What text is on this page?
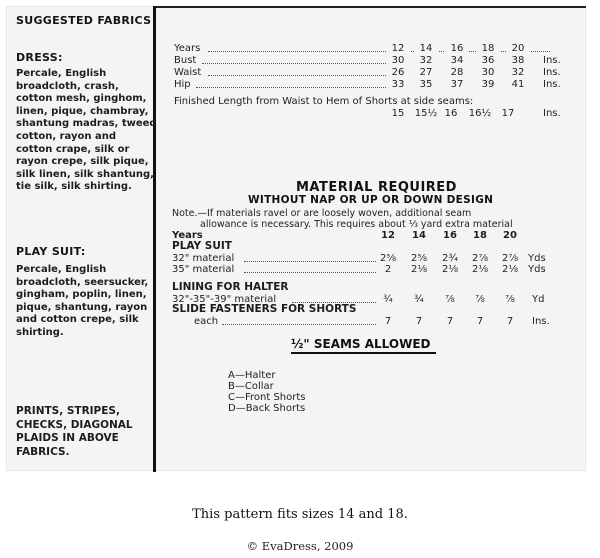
SUGGESTED FABRICS
DRESS:
Percale, English
broadcloth, crash,
cotton mesh, ginghom,
linen, pique, chambray,
shantung madras, tweed
cotton, rayon and
cotton crape, silk or
rayon crepe, silk pique,
silk linen, silk shantung,
tie silk, silk shirting.
PLAY SUIT:
Percale, English
broadcloth, seersucker,
gingham, poplin, linen,
pique, shantung, rayon
and cotton crepe, silk
shirting.
PRINTS, STRIPES,
CHECKS, DIAGONAL
PLAIDS IN ABOVE
FABRICS.
Years	12	14	16	18	20
Bust	30	32	34	36	38	Ins.
Waist	26	27	28	30	32	Ins.
Hip	33	35	37	39	41	Ins.
Finished Length from Waist to Hem of Shorts at side seams:
15	15½ 16	16½	17	Ins.
MATERIAL REQUIRED
WITHOUT NAP OR UP OR DOWN DESIGN
Note.—If materials ravel or are loosely woven, additional seam
allowance is necessary. This requires about ⅓ yard extra material
Years	12	14	16	18	20
PLAY SUIT
32" material	2⅝	2⅝	2¾	2⅞	2⅞ Yds
35" material	2	2⅛	2⅛	2⅛	2⅛ Yds
LINING FOR HALTER
32"-35"-39" material	¾	¾	⅞	⅞	⅞	Yd
SLIDE FASTENERS FOR SHORTS
each	7	7	7	7	7	Ins.
½" SEAMS ALLOWED
A—Halter
B—Collar
C—Front Shorts
D—Back Shorts
This pattern fits sizes 14 and 18.
© EvaDress, 2009
